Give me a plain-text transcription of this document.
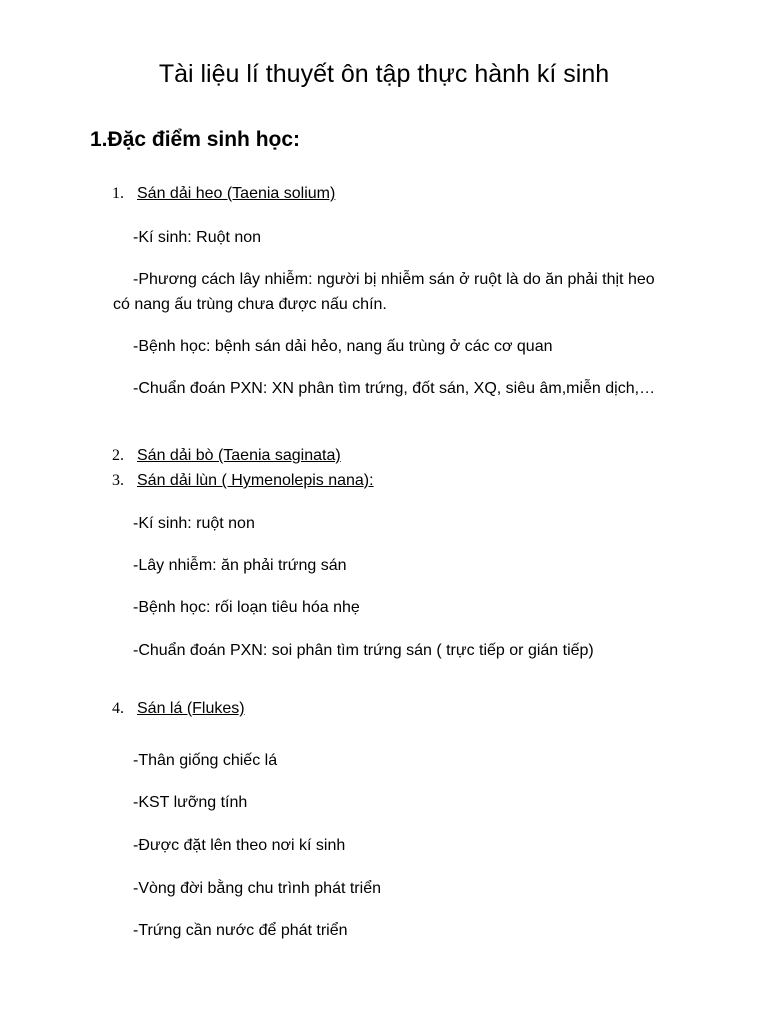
Tài liệu lí thuyết ôn tập thực hành kí sinh
1.Đặc điểm sinh học:
1. Sán dải heo (Taenia solium)

-Kí sinh: Ruột non

-Phương cách lây nhiễm: người bị nhiễm sán ở ruột là do ăn phải thịt heo có nang ấu trùng chưa được nấu chín.

-Bệnh học: bệnh sán dải hẻo, nang ấu trùng ở các cơ quan

-Chuẩn đoán PXN: XN phân tìm trứng, đốt sán, XQ, siêu âm,miễn dịch,…

2. Sán dải bò (Taenia saginata)
3. Sán dải lùn ( Hymenolepis nana):

-Kí sinh: ruột non

-Lây nhiễm: ăn phải trứng sán

-Bệnh học: rối loạn tiêu hóa nhẹ

-Chuẩn đoán PXN: soi phân tìm trứng sán ( trực tiếp or gián tiếp)

4. Sán lá (Flukes)

-Thân giống chiếc lá

-KST lưỡng tính

-Được đặt lên theo nơi kí sinh

-Vòng đời bằng chu trình phát triển

-Trứng cần nước để phát triển
